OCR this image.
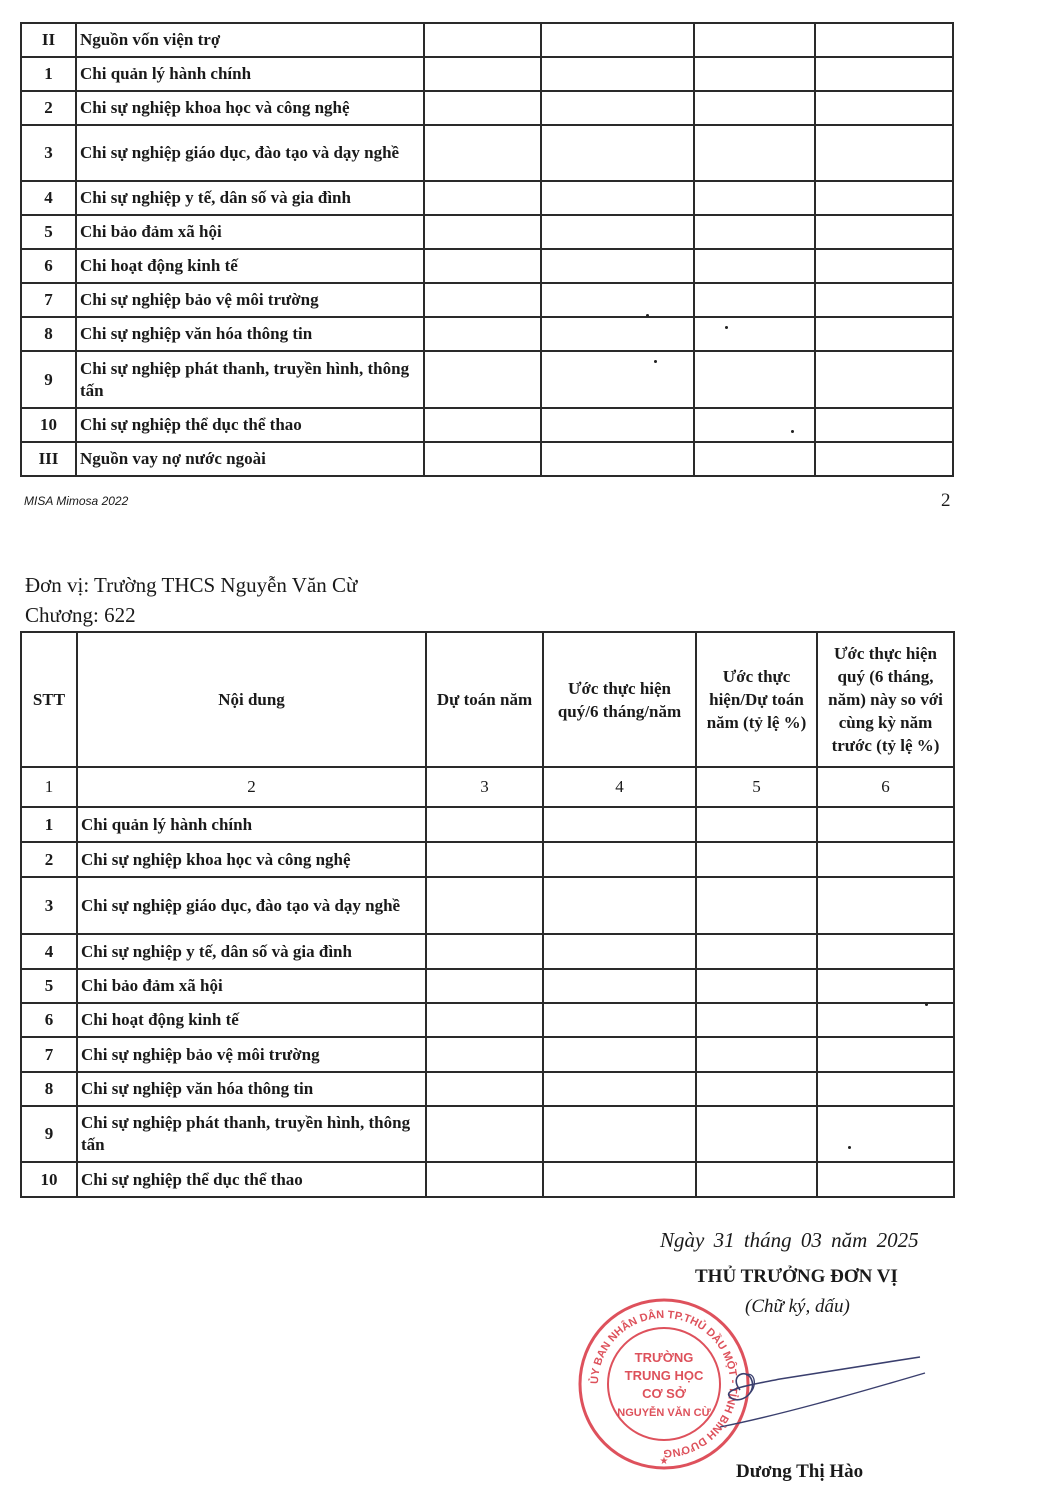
II	Nguồn vốn viện trợ				
1	Chi quản lý hành chính				
2	Chi sự nghiệp khoa học và công nghệ				
3	Chi sự nghiệp giáo dục, đào tạo và dạy nghề				
4	Chi sự nghiệp y tế, dân số và gia đình				
5	Chi bảo đảm xã hội				
6	Chi hoạt động kinh tế				
7	Chi sự nghiệp bảo vệ môi trường				
8	Chi sự nghiệp văn hóa thông tin				
9	Chi sự nghiệp phát thanh, truyền hình, thông tấn				
10	Chi sự nghiệp thể dục thể thao				
III	Nguồn vay nợ nước ngoài				
MISA Mimosa 2022	2
Đơn vị: Trường THCS Nguyễn Văn Cừ
Chương: 622
STT	Nội dung	Dự toán năm	Ước thực hiện quý/6 tháng/năm	Ước thực hiện/Dự toán năm (tỷ lệ %)	Ước thực hiện quý (6 tháng, năm) này so với cùng kỳ năm trước (tỷ lệ %)
1	2	3	4	5	6
1	Chi quản lý hành chính				
2	Chi sự nghiệp khoa học và công nghệ				
3	Chi sự nghiệp giáo dục, đào tạo và dạy nghề				
4	Chi sự nghiệp y tế, dân số và gia đình				
5	Chi bảo đảm xã hội				
6	Chi hoạt động kinh tế				
7	Chi sự nghiệp bảo vệ môi trường				
8	Chi sự nghiệp văn hóa thông tin				
9	Chi sự nghiệp phát thanh, truyền hình, thông tấn				
10	Chi sự nghiệp thể dục thể thao				
Ngày 31 tháng 03 năm 2025
THỦ TRƯỞNG ĐƠN VỊ
(Chữ ký, dấu)
ỦY BAN NHÂN DÂN TP.THỦ DẦU MỘT - TỈNH BÌNH DƯƠNG
TRƯỜNG
TRUNG HỌC
CƠ SỞ
NGUYỄN VĂN CỪ
★	Dương Thị Hào
